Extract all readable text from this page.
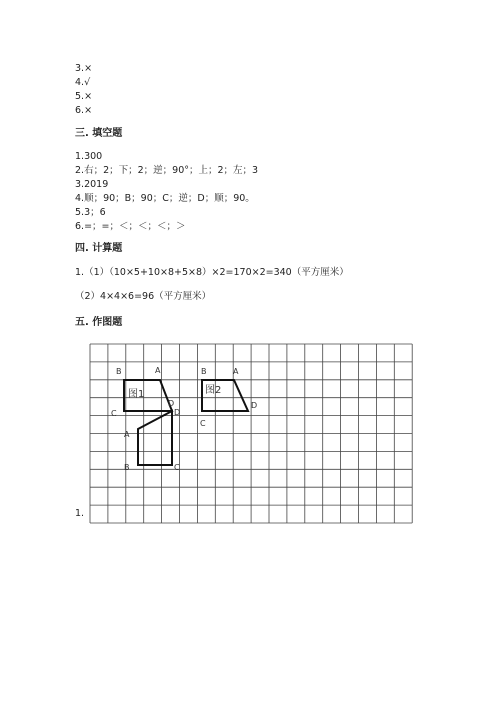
3.×
4.√
5.×
6.×
三. 填空题
1.300
2.右；2；下；2；逆；90°；上；2；左；3
3.2019
4.顺；90；B；90；C；逆；D；顺；90。
5.3；6
6.=；=；＜；＜；＜；＞
四. 计算题
1.（1）（10×5+10×8+5×8）×2=170×2=340（平方厘米）
（2）4×4×6=96（平方厘米）
五. 作图题
1.
图1	图2
B	A
C
D
D
A
B	C
B	A
C
D
